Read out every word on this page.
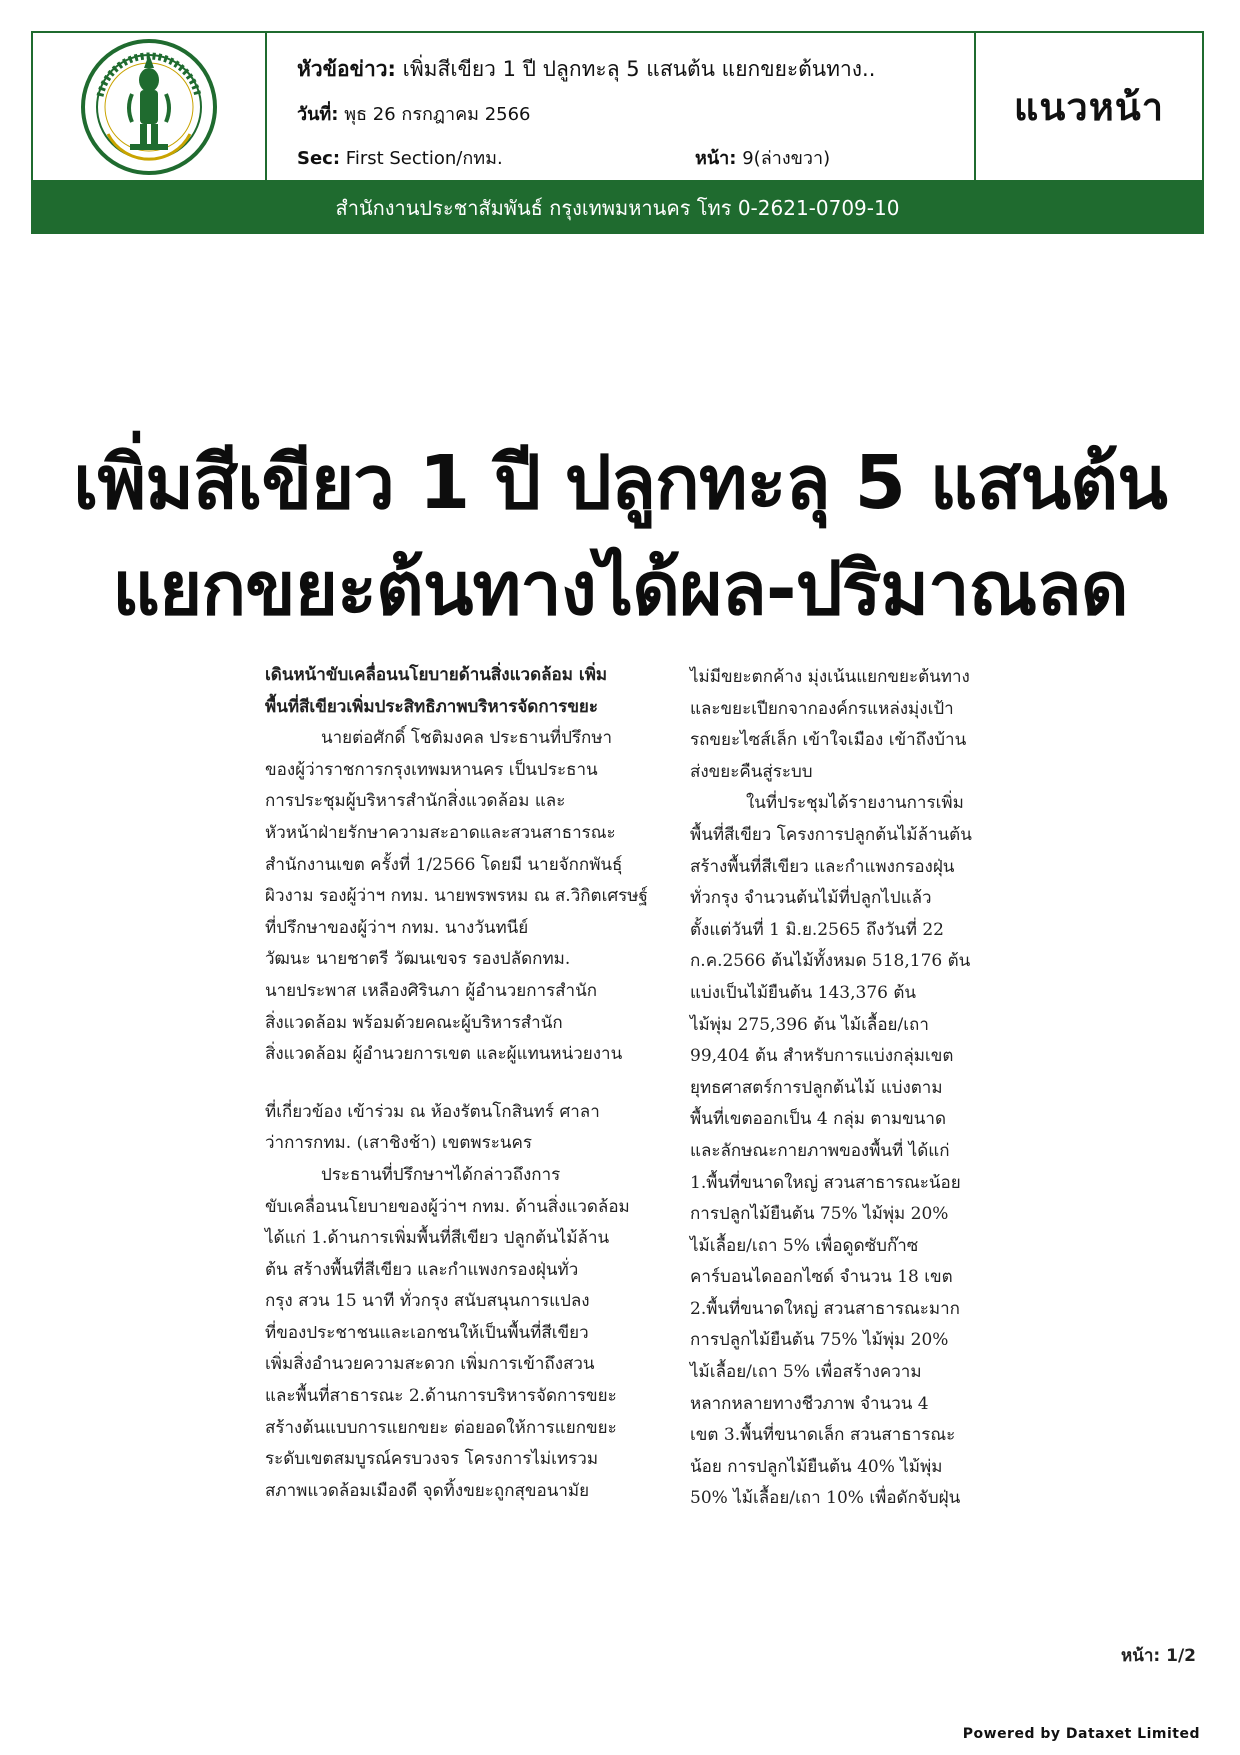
หัวข้อข่าว: เพิ่มสีเขียว 1 ปี ปลูกทะลุ 5 แสนต้น แยกขยะต้นทาง..
วันที่: พุธ 26 กรกฎาคม 2566
Sec: First Section/กทม.	หน้า: 9(ล่างขวา)
แนวหน้า
สำนักงานประชาสัมพันธ์ กรุงเทพมหานคร โทร 0-2621-0709-10
เพิ่มสีเขียว 1 ปี ปลูกทะลุ 5 แสนต้น
แยกขยะต้นทางได้ผล-ปริมาณลด
เดินหน้าขับเคลื่อนนโยบายด้านสิ่งแวดล้อม เพิ่ม
พื้นที่สีเขียวเพิ่มประสิทธิภาพบริหารจัดการขยะ
นายต่อศักดิ์ โชติมงคล ประธานที่ปรึกษา
ของผู้ว่าราชการกรุงเทพมหานคร เป็นประธาน
การประชุมผู้บริหารสำนักสิ่งแวดล้อม และ
หัวหน้าฝ่ายรักษาความสะอาดและสวนสาธารณะ
สำนักงานเขต ครั้งที่ 1/2566 โดยมี นายจักกพันธุ์
ผิวงาม รองผู้ว่าฯ กทม. นายพรพรหม ณ ส.วิกิตเศรษฐ์
ที่ปรึกษาของผู้ว่าฯ กทม. นางวันทนีย์
วัฒนะ นายชาตรี วัฒนเขจร รองปลัดกทม.
นายประพาส เหลืองศิรินภา ผู้อำนวยการสำนัก
สิ่งแวดล้อม พร้อมด้วยคณะผู้บริหารสำนัก
สิ่งแวดล้อม ผู้อำนวยการเขต และผู้แทนหน่วยงาน
ที่เกี่ยวข้อง เข้าร่วม ณ ห้องรัตนโกสินทร์ ศาลา
ว่าการกทม. (เสาชิงช้า) เขตพระนคร
ประธานที่ปรึกษาฯได้กล่าวถึงการ
ขับเคลื่อนนโยบายของผู้ว่าฯ กทม. ด้านสิ่งแวดล้อม
ได้แก่ 1.ด้านการเพิ่มพื้นที่สีเขียว ปลูกต้นไม้ล้าน
ต้น สร้างพื้นที่สีเขียว และกำแพงกรองฝุ่นทั่ว
กรุง สวน 15 นาที ทั่วกรุง สนับสนุนการแปลง
ที่ของประชาชนและเอกชนให้เป็นพื้นที่สีเขียว
เพิ่มสิ่งอำนวยความสะดวก เพิ่มการเข้าถึงสวน
และพื้นที่สาธารณะ 2.ด้านการบริหารจัดการขยะ
สร้างต้นแบบการแยกขยะ ต่อยอดให้การแยกขยะ
ระดับเขตสมบูรณ์ครบวงจร โครงการไม่เทรวม
สภาพแวดล้อมเมืองดี จุดทิ้งขยะถูกสุขอนามัย
ไม่มีขยะตกค้าง มุ่งเน้นแยกขยะต้นทาง
และขยะเปียกจากองค์กรแหล่งมุ่งเป้า
รถขยะไซส์เล็ก เข้าใจเมือง เข้าถึงบ้าน
ส่งขยะคืนสู่ระบบ
ในที่ประชุมได้รายงานการเพิ่ม
พื้นที่สีเขียว โครงการปลูกต้นไม้ล้านต้น
สร้างพื้นที่สีเขียว และกำแพงกรองฝุ่น
ทั่วกรุง จำนวนต้นไม้ที่ปลูกไปแล้ว
ตั้งแต่วันที่ 1 มิ.ย.2565 ถึงวันที่ 22
ก.ค.2566 ต้นไม้ทั้งหมด 518,176 ต้น
แบ่งเป็นไม้ยืนต้น 143,376 ต้น
ไม้พุ่ม 275,396 ต้น ไม้เลื้อย/เถา
99,404 ต้น สำหรับการแบ่งกลุ่มเขต
ยุทธศาสตร์การปลูกต้นไม้ แบ่งตาม
พื้นที่เขตออกเป็น 4 กลุ่ม ตามขนาด
และลักษณะกายภาพของพื้นที่ ได้แก่
1.พื้นที่ขนาดใหญ่ สวนสาธารณะน้อย
การปลูกไม้ยืนต้น 75% ไม้พุ่ม 20%
ไม้เลื้อย/เถา 5% เพื่อดูดซับก๊าซ
คาร์บอนไดออกไซด์ จำนวน 18 เขต
2.พื้นที่ขนาดใหญ่ สวนสาธารณะมาก
การปลูกไม้ยืนต้น 75% ไม้พุ่ม 20%
ไม้เลื้อย/เถา 5% เพื่อสร้างความ
หลากหลายทางชีวภาพ จำนวน 4
เขต 3.พื้นที่ขนาดเล็ก สวนสาธารณะ
น้อย การปลูกไม้ยืนต้น 40% ไม้พุ่ม
50% ไม้เลื้อย/เถา 10% เพื่อดักจับฝุ่น
หน้า: 1/2
Powered by Dataxet Limited
